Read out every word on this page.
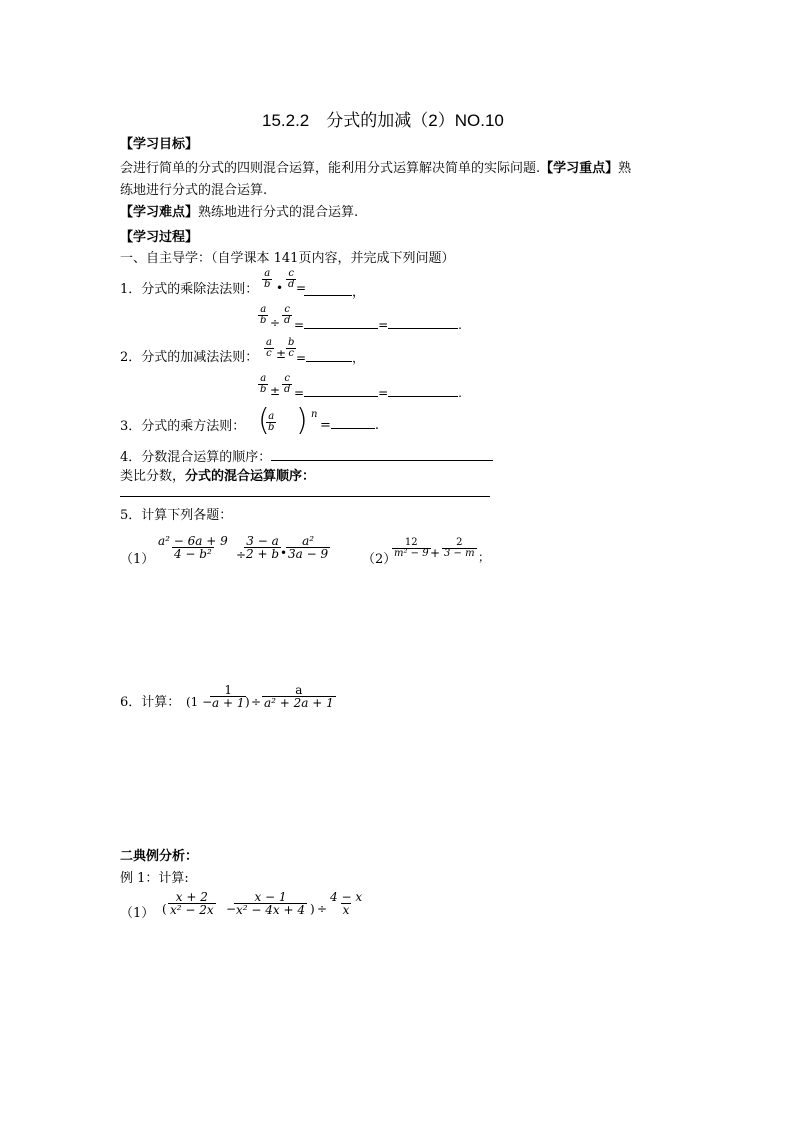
15.2.2　分式的加减（2）NO.10
【学习目标】
会进行简单的分式的四则混合运算，能利用分式运算解决简单的实际问题.【学习重点】熟
练地进行分式的混合运算.
【学习难点】熟练地进行分式的混合运算.
【学习过程】
一、自主导学：（自学课本 141页内容，并完成下列问题）
1．分式的乘除法法则： $\frac{a}{b}$ • $\frac{c}{d}$ =	，
$\frac{a}{b} \div \frac{c}{d}$ =	=	.
2．分式的加减法法则： $\frac{a}{c} \pm \frac{b}{c}$ =	，
$\frac{a}{b} \pm \frac{c}{d}$ =	=	.
3．分式的乘方法则： (
$\frac{a}{b}$ ) n
=	.
4．分数混合运算的顺序：
类比分数，分式的混合运算顺序：
5．计算下列各题：
$(1) \frac{\text{a² − 6a + 9}}{\text{4 − b²}}$ ÷
$\frac{3 - a}{2 + b}$ •
$\frac{\text{a²}}{3a - 9} (2)$
$\frac{12}{\text{m² − 9}} + \frac{2}{3 - m}$ ；
6．计算： (1 −
$\frac{1}{a + 1}$
) ÷ $\frac{a}{\text{a² + 2a + 1}}$
二典例分析：
例 1：计算:
（1） ( $\frac{x + 2}{\text{x² − 2x}}$ −
$\frac{x - 1}{\text{x² − 4x + 4}}$ ) ÷ $\frac{4 - x}{x}$
